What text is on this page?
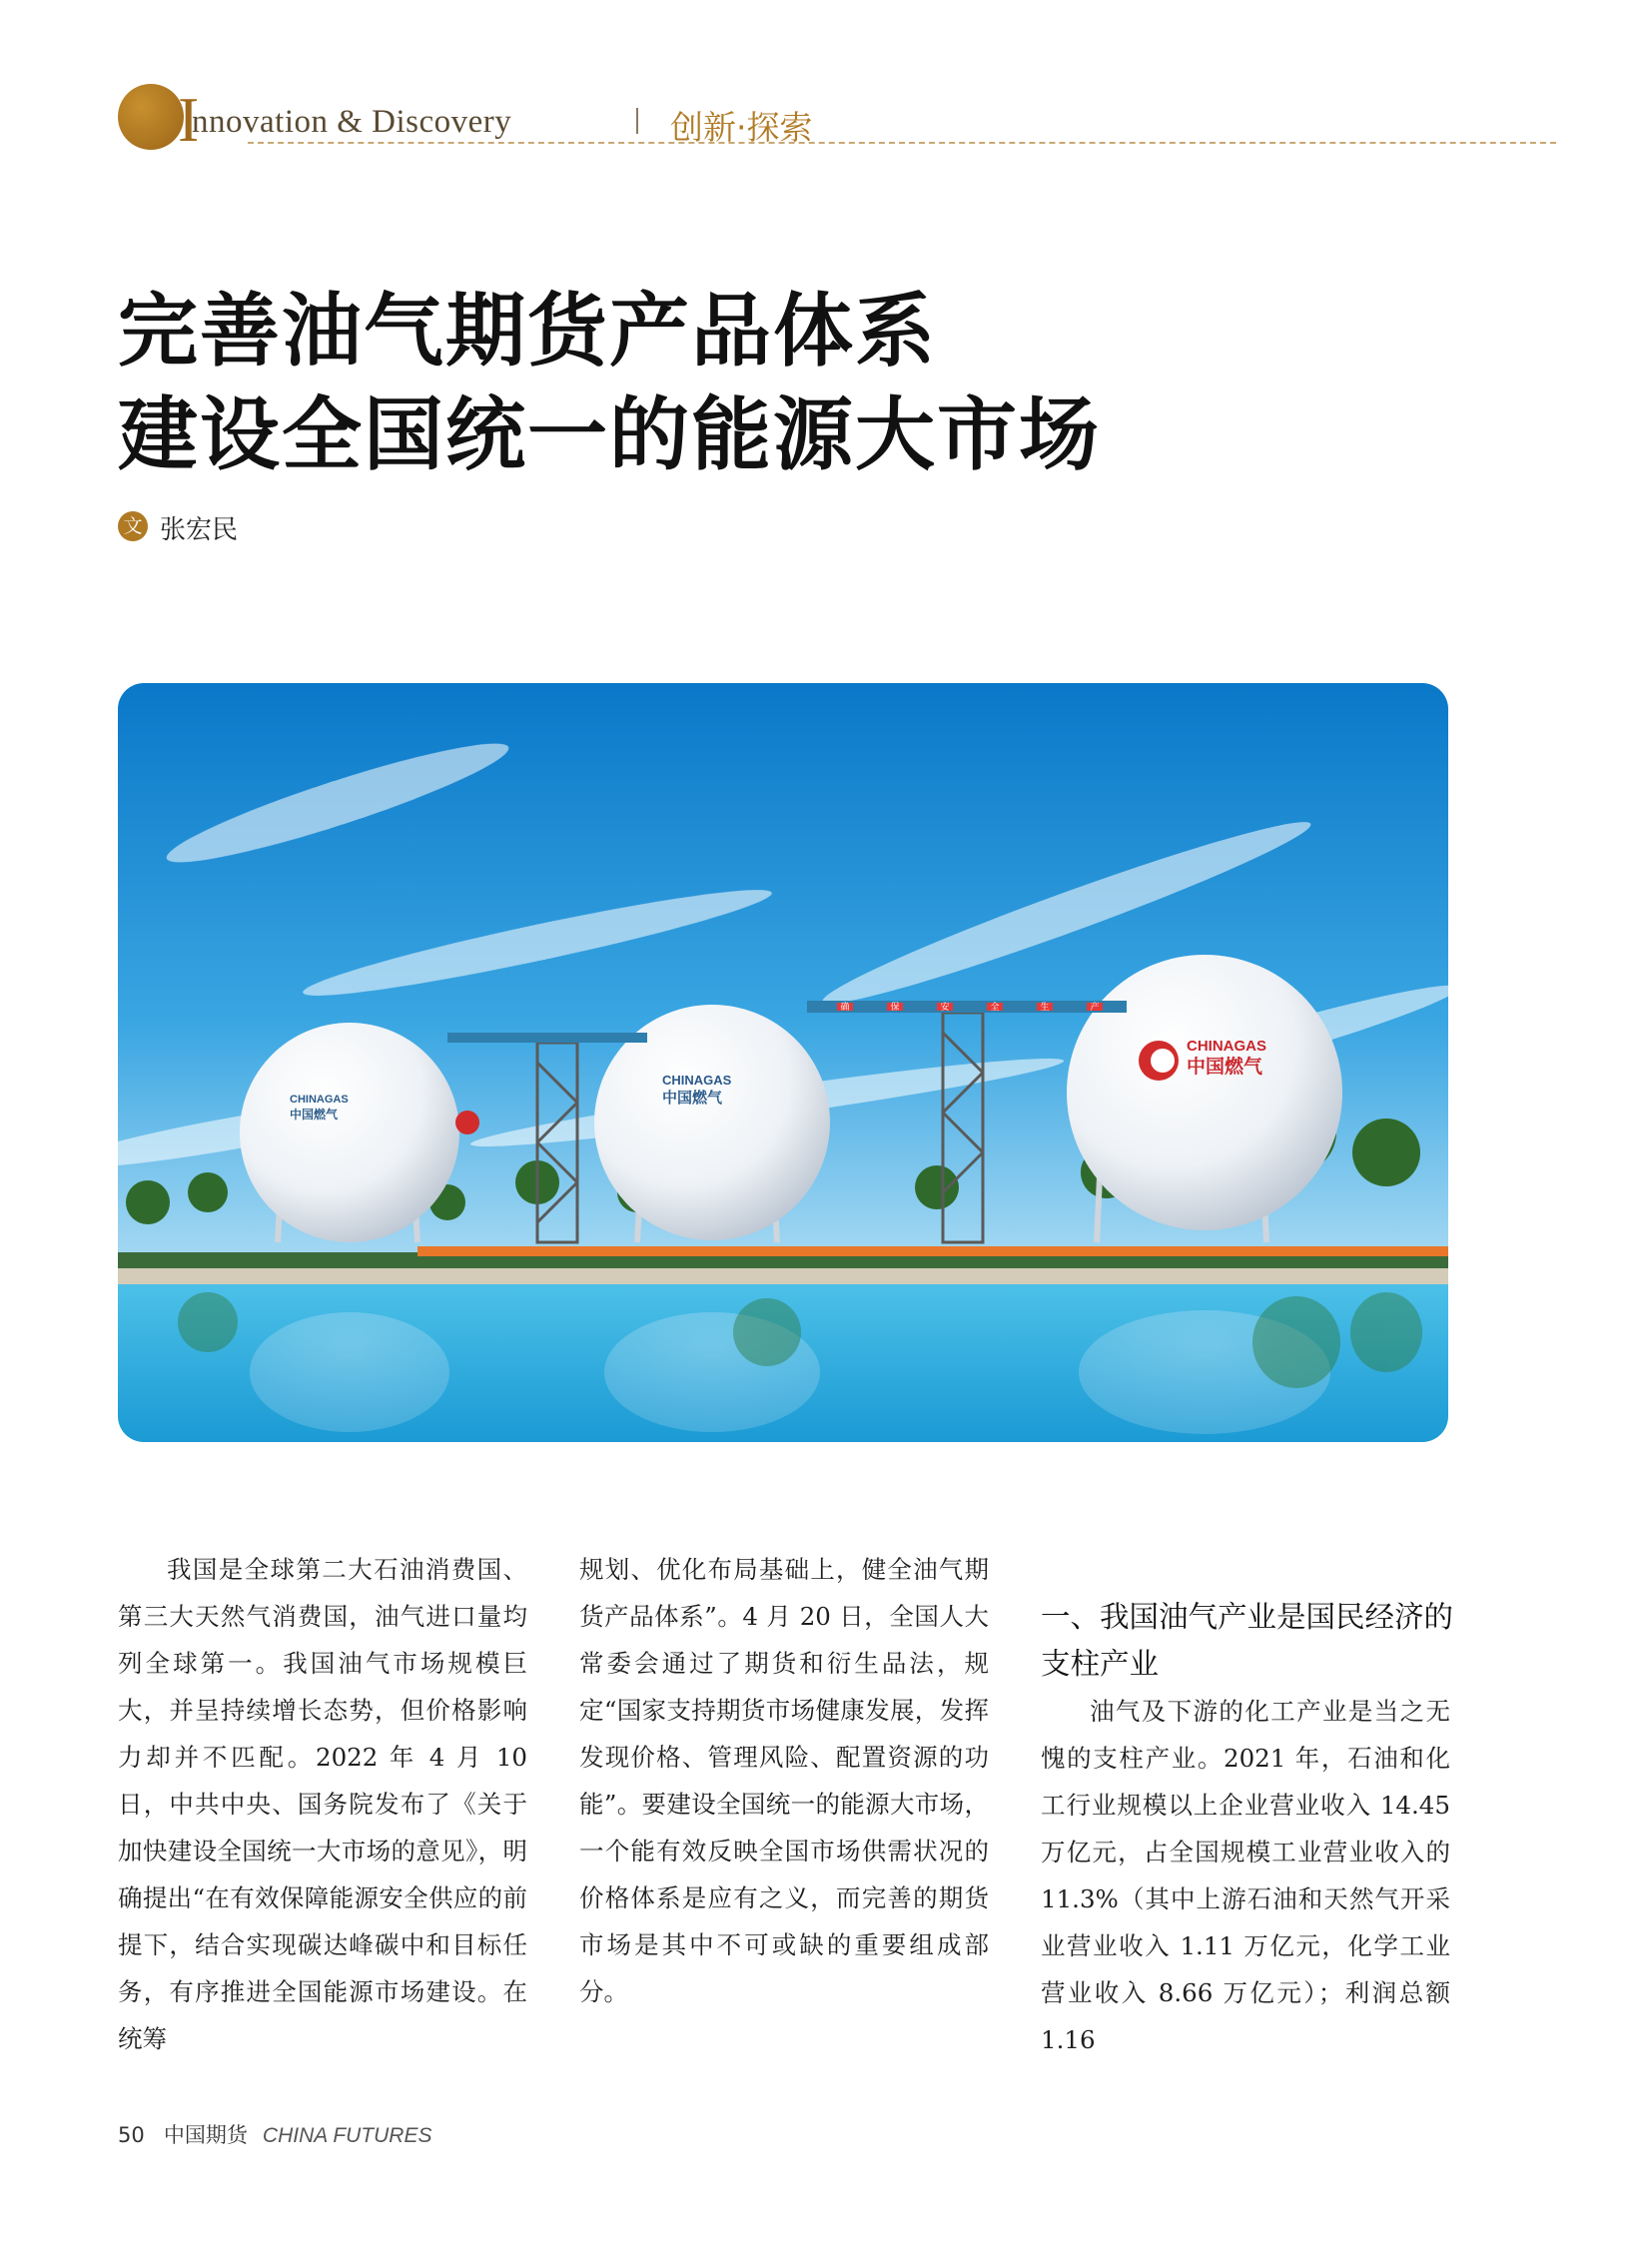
I
nnovation & Discovery	创新·探索
完善油气期货产品体系
建设全国统一的能源大市场
文 张宏民
确	保	安	全	生	产
CHINAGAS
CHINAGAS
CHINAGAS
中国燃气
中国燃气
中国燃气

我国是全球第二大石油消费国、第三大天然气消费国，油气进口量均列全球第一。我国油气市场规模巨大，并呈持续增长态势，但价格影响力却并不匹配。2022 年 4 月 10 日，中共中央、国务院发布了《关于加快建设全国统一大市场的意见》，明确提出“在有效保障能源安全供应的前提下，结合实现碳达峰碳中和目标任务，有序推进全国能源市场建设。在统筹

规划、优化布局基础上，健全油气期货产品体系”。4 月 20 日，全国人大常委会通过了期货和衍生品法，规定“国家支持期货市场健康发展，发挥发现价格、管理风险、配置资源的功能”。要建设全国统一的能源大市场，一个能有效反映全国市场供需状况的价格体系是应有之义，而完善的期货市场是其中不可或缺的重要组成部分。

一、我国油气产业是国民经济的支柱产业

油气及下游的化工产业是当之无愧的支柱产业。2021 年，石油和化工行业规模以上企业营业收入 14.45 万亿元，占全国规模工业营业收入的 11.3%（其中上游石油和天然气开采业营业收入 1.11 万亿元，化学工业营业收入 8.66 万亿元）；利润总额 1.16

50 中国期货 CHINA FUTURES
